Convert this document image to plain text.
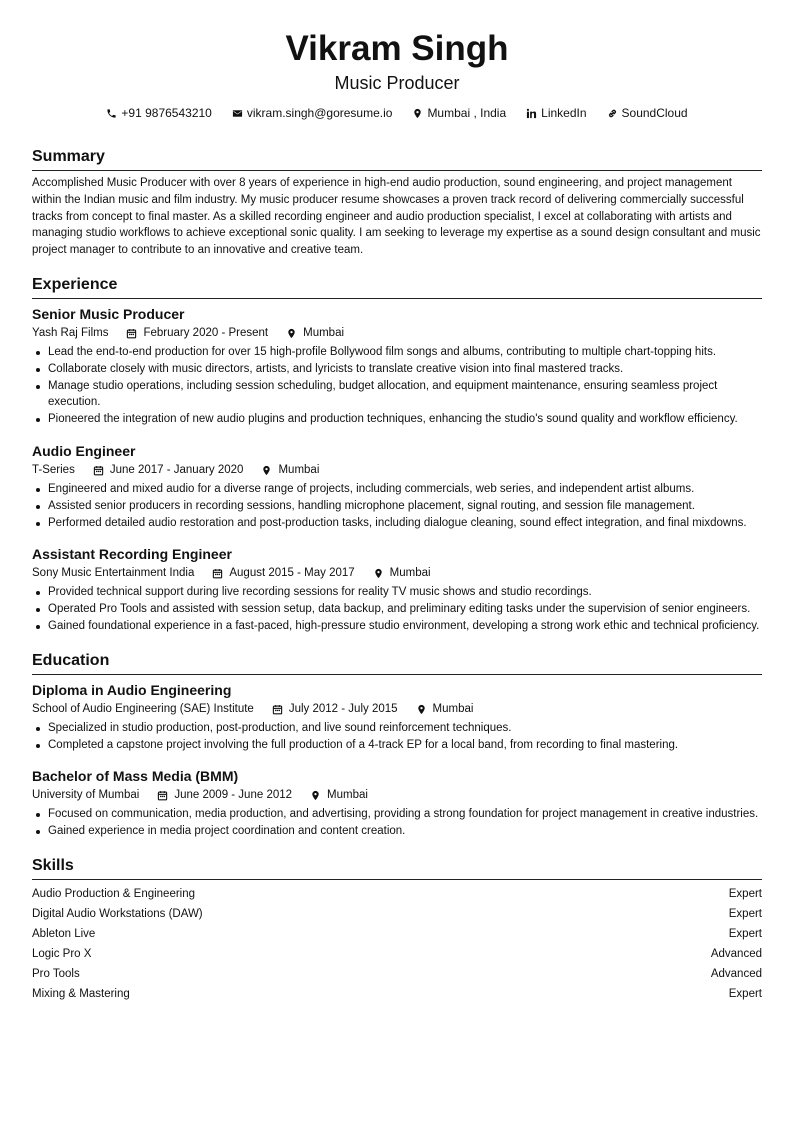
Vikram Singh
Music Producer
+91 9876543210	vikram.singh@goresume.io	Mumbai , India	LinkedIn	SoundCloud
Summary
Accomplished Music Producer with over 8 years of experience in high-end audio production, sound engineering, and project management within the Indian music and film industry. My music producer resume showcases a proven track record of delivering commercially successful tracks from concept to final master. As a skilled recording engineer and audio production specialist, I excel at collaborating with artists and managing studio workflows to achieve exceptional sonic quality. I am seeking to leverage my expertise as a sound design consultant and music project manager to contribute to an innovative and creative team.
Experience
Senior Music Producer
Yash Raj Films	February 2020 - Present	Mumbai
Lead the end-to-end production for over 15 high-profile Bollywood film songs and albums, contributing to multiple chart-topping hits.
Collaborate closely with music directors, artists, and lyricists to translate creative vision into final mastered tracks.
Manage studio operations, including session scheduling, budget allocation, and equipment maintenance, ensuring seamless project execution.
Pioneered the integration of new audio plugins and production techniques, enhancing the studio's sound quality and workflow efficiency.
Audio Engineer
T-Series	June 2017 - January 2020	Mumbai
Engineered and mixed audio for a diverse range of projects, including commercials, web series, and independent artist albums.
Assisted senior producers in recording sessions, handling microphone placement, signal routing, and session file management.
Performed detailed audio restoration and post-production tasks, including dialogue cleaning, sound effect integration, and final mixdowns.
Assistant Recording Engineer
Sony Music Entertainment India	August 2015 - May 2017	Mumbai
Provided technical support during live recording sessions for reality TV music shows and studio recordings.
Operated Pro Tools and assisted with session setup, data backup, and preliminary editing tasks under the supervision of senior engineers.
Gained foundational experience in a fast-paced, high-pressure studio environment, developing a strong work ethic and technical proficiency.
Education
Diploma in Audio Engineering
School of Audio Engineering (SAE) Institute	July 2012 - July 2015	Mumbai
Specialized in studio production, post-production, and live sound reinforcement techniques.
Completed a capstone project involving the full production of a 4-track EP for a local band, from recording to final mastering.
Bachelor of Mass Media (BMM)
University of Mumbai	June 2009 - June 2012	Mumbai
Focused on communication, media production, and advertising, providing a strong foundation for project management in creative industries.
Gained experience in media project coordination and content creation.
Skills
Audio Production & Engineering	Expert
Digital Audio Workstations (DAW)	Expert
Ableton Live	Expert
Logic Pro X	Advanced
Pro Tools	Advanced
Mixing & Mastering	Expert
